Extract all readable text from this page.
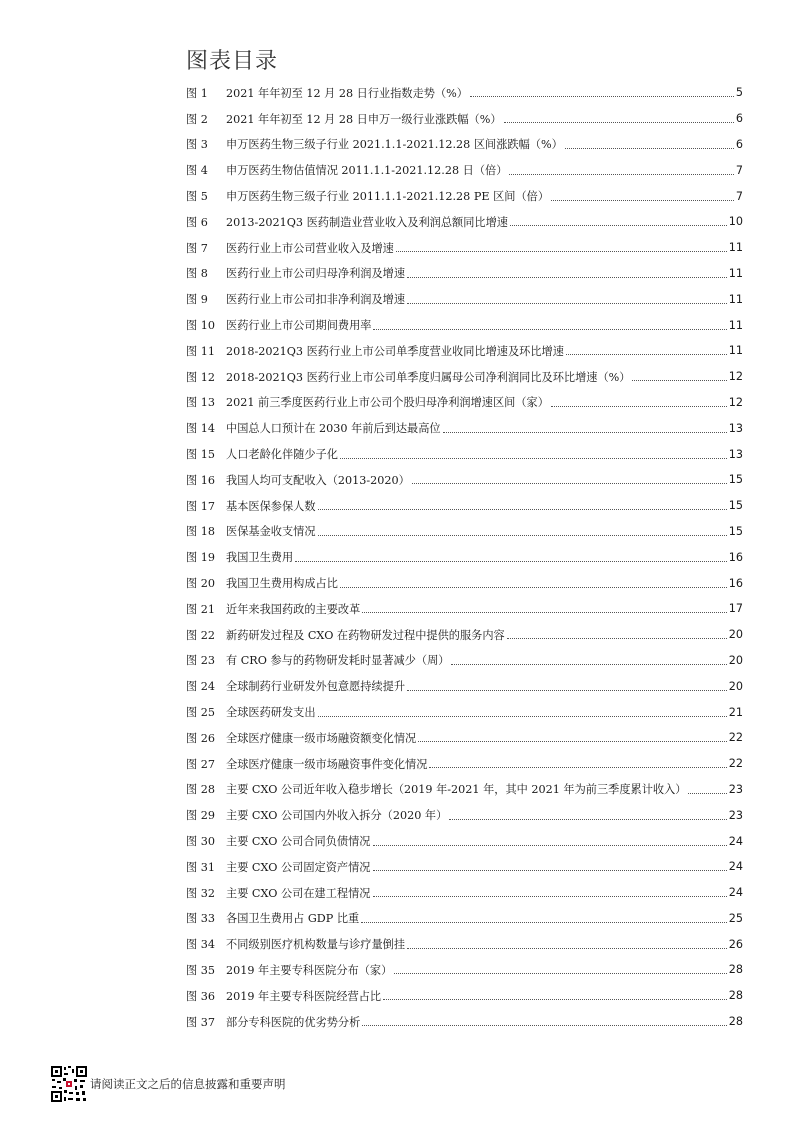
图表目录
图 1	2021 年年初至 12 月 28 日行业指数走势（%）	5
图 2	2021 年年初至 12 月 28 日申万一级行业涨跌幅（%）	6
图 3	申万医药生物三级子行业 2021.1.1-2021.12.28 区间涨跌幅（%）	6
图 4	申万医药生物估值情况 2011.1.1-2021.12.28 日（倍）	7
图 5	申万医药生物三级子行业 2011.1.1-2021.12.28 PE 区间（倍）	7
图 6	2013-2021Q3 医药制造业营业收入及利润总额同比增速	10
图 7	医药行业上市公司营业收入及增速	11
图 8	医药行业上市公司归母净利润及增速	11
图 9	医药行业上市公司扣非净利润及增速	11
图 10 医药行业上市公司期间费用率	11
图 11 2018-2021Q3 医药行业上市公司单季度营业收同比增速及环比增速	11
图 12 2018-2021Q3 医药行业上市公司单季度归属母公司净利润同比及环比增速（%）	12
图 13 2021 前三季度医药行业上市公司个股归母净利润增速区间（家）	12
图 14 中国总人口预计在 2030 年前后到达最高位	13
图 15 人口老龄化伴随少子化	13
图 16 我国人均可支配收入（2013-2020）	15
图 17 基本医保参保人数	15
图 18 医保基金收支情况	15
图 19 我国卫生费用	16
图 20 我国卫生费用构成占比	16
图 21 近年来我国药政的主要改革	17
图 22 新药研发过程及 CXO 在药物研发过程中提供的服务内容	20
图 23 有 CRO 参与的药物研发耗时显著减少（周）	20
图 24 全球制药行业研发外包意愿持续提升	20
图 25 全球医药研发支出	21
图 26 全球医疗健康一级市场融资额变化情况	22
图 27 全球医疗健康一级市场融资事件变化情况	22
图 28 主要 CXO 公司近年收入稳步增长（2019 年-2021 年，其中 2021 年为前三季度累计收入）	23
图 29 主要 CXO 公司国内外收入拆分（2020 年）	23
图 30 主要 CXO 公司合同负债情况	24
图 31 主要 CXO 公司固定资产情况	24
图 32 主要 CXO 公司在建工程情况	24
图 33 各国卫生费用占 GDP 比重	25
图 34 不同级别医疗机构数量与诊疗量倒挂	26
图 35 2019 年主要专科医院分布（家）	28
图 36 2019 年主要专科医院经营占比	28
图 37 部分专科医院的优劣势分析	28
请阅读正文之后的信息披露和重要声明
